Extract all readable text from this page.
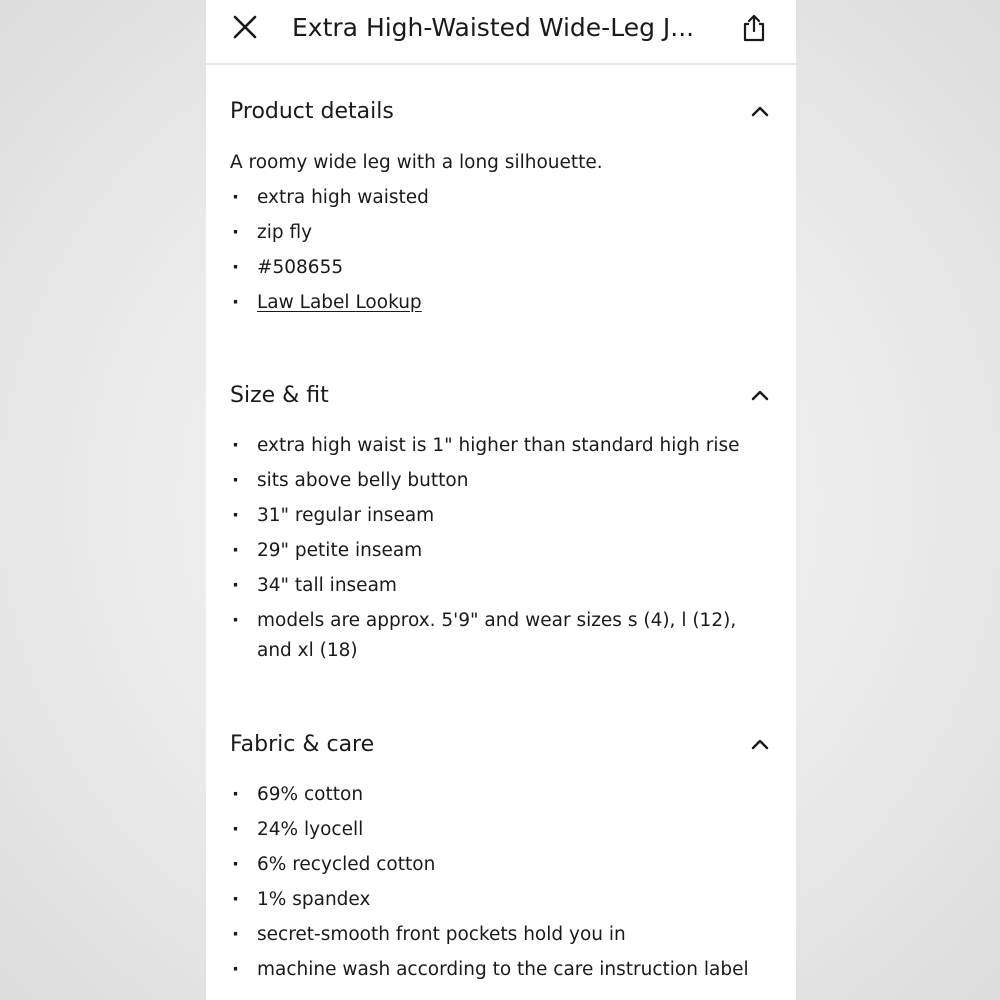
Extra High-Waisted Wide-Leg J...
Product details
A roomy wide leg with a long silhouette.
· extra high waisted
· zip fly
· #508655
· Law Label Lookup
Size & fit
· extra high waist is 1" higher than standard high rise
· sits above belly button
· 31" regular inseam
· 29" petite inseam
· 34" tall inseam
· models are approx. 5'9" and wear sizes s (4), l (12), and xl (18)
Fabric & care
· 69% cotton
· 24% lyocell
· 6% recycled cotton
· 1% spandex
· secret-smooth front pockets hold you in
· machine wash according to the care instruction label
